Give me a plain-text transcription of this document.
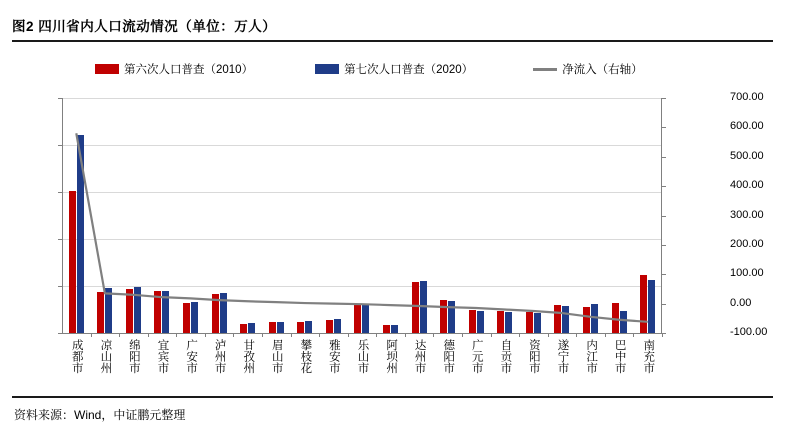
图2 四川省内人口流动情况（单位：万人）
第六次人口普查（2010）	第七次人口普查（2020）	净流入（右轴）
-100.00
0.00
100.00
200.00
300.00
400.00
500.00
600.00
700.00
成都市 凉山州 绵阳市 宜宾市 广安市 泸州市 甘孜州 眉山市 攀枝花 雅安市 乐山市 阿坝州 达州市 德阳市 广元市 自贡市 资阳市 遂宁市 内江市 巴中市 南充市
资料来源：Wind，中证鹏元整理
